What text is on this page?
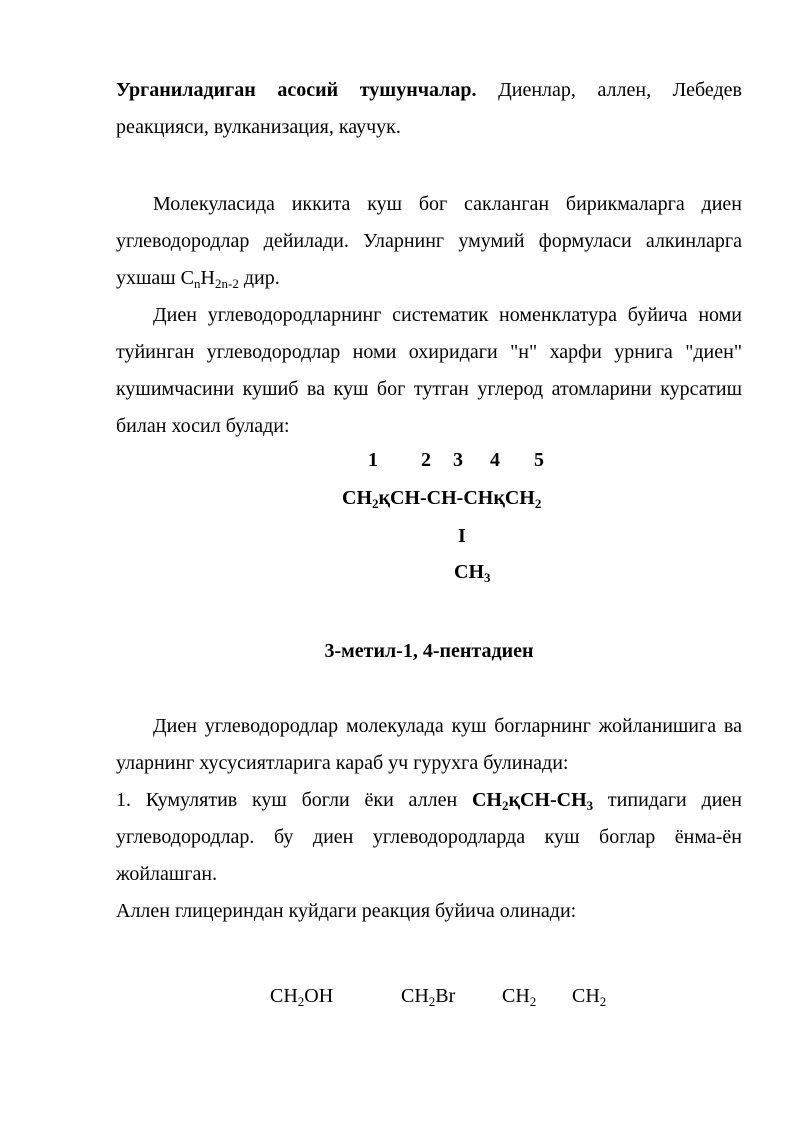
Урганиладиган асосий тушунчалар. Диенлар, аллен, Лебедев реакцияси, вулканизация, каучук.

Молекуласида иккита куш бог сакланган бирикмаларга диен углеводородлар дейилади. Уларнинг умумий формуласи алкинларга ухшаш $C_nH_{2n-2}$ дир.

Диен углеводородларнинг систематик номенклатура буйича номи туйинган углеводородлар номи охиридаги "н" харфи урнига "диен" кушимчасини кушиб ва куш бог тутган углерод атомларини курсатиш билан хосил булади:

1 2 3 4 5
$CH_2қCH-CH-CHқCH_2$
I
$CH_3$

3-метил-1, 4-пентадиен

Диен углеводородлар молекулада куш богларнинг жойланишига ва уларнинг хусусиятларига караб уч гурухга булинади:

1. Кумулятив куш богли ёки аллен $CH_2қCH-CH_3$ типидаги диен углеводородлар. бу диен углеводородларда куш боглар ёнма-ён жойлашган.

Аллен глицериндан куйдаги реакция буйича олинади:

$CH_2OH$	$CH_2Br$ $CH_2$ $CH_2$
